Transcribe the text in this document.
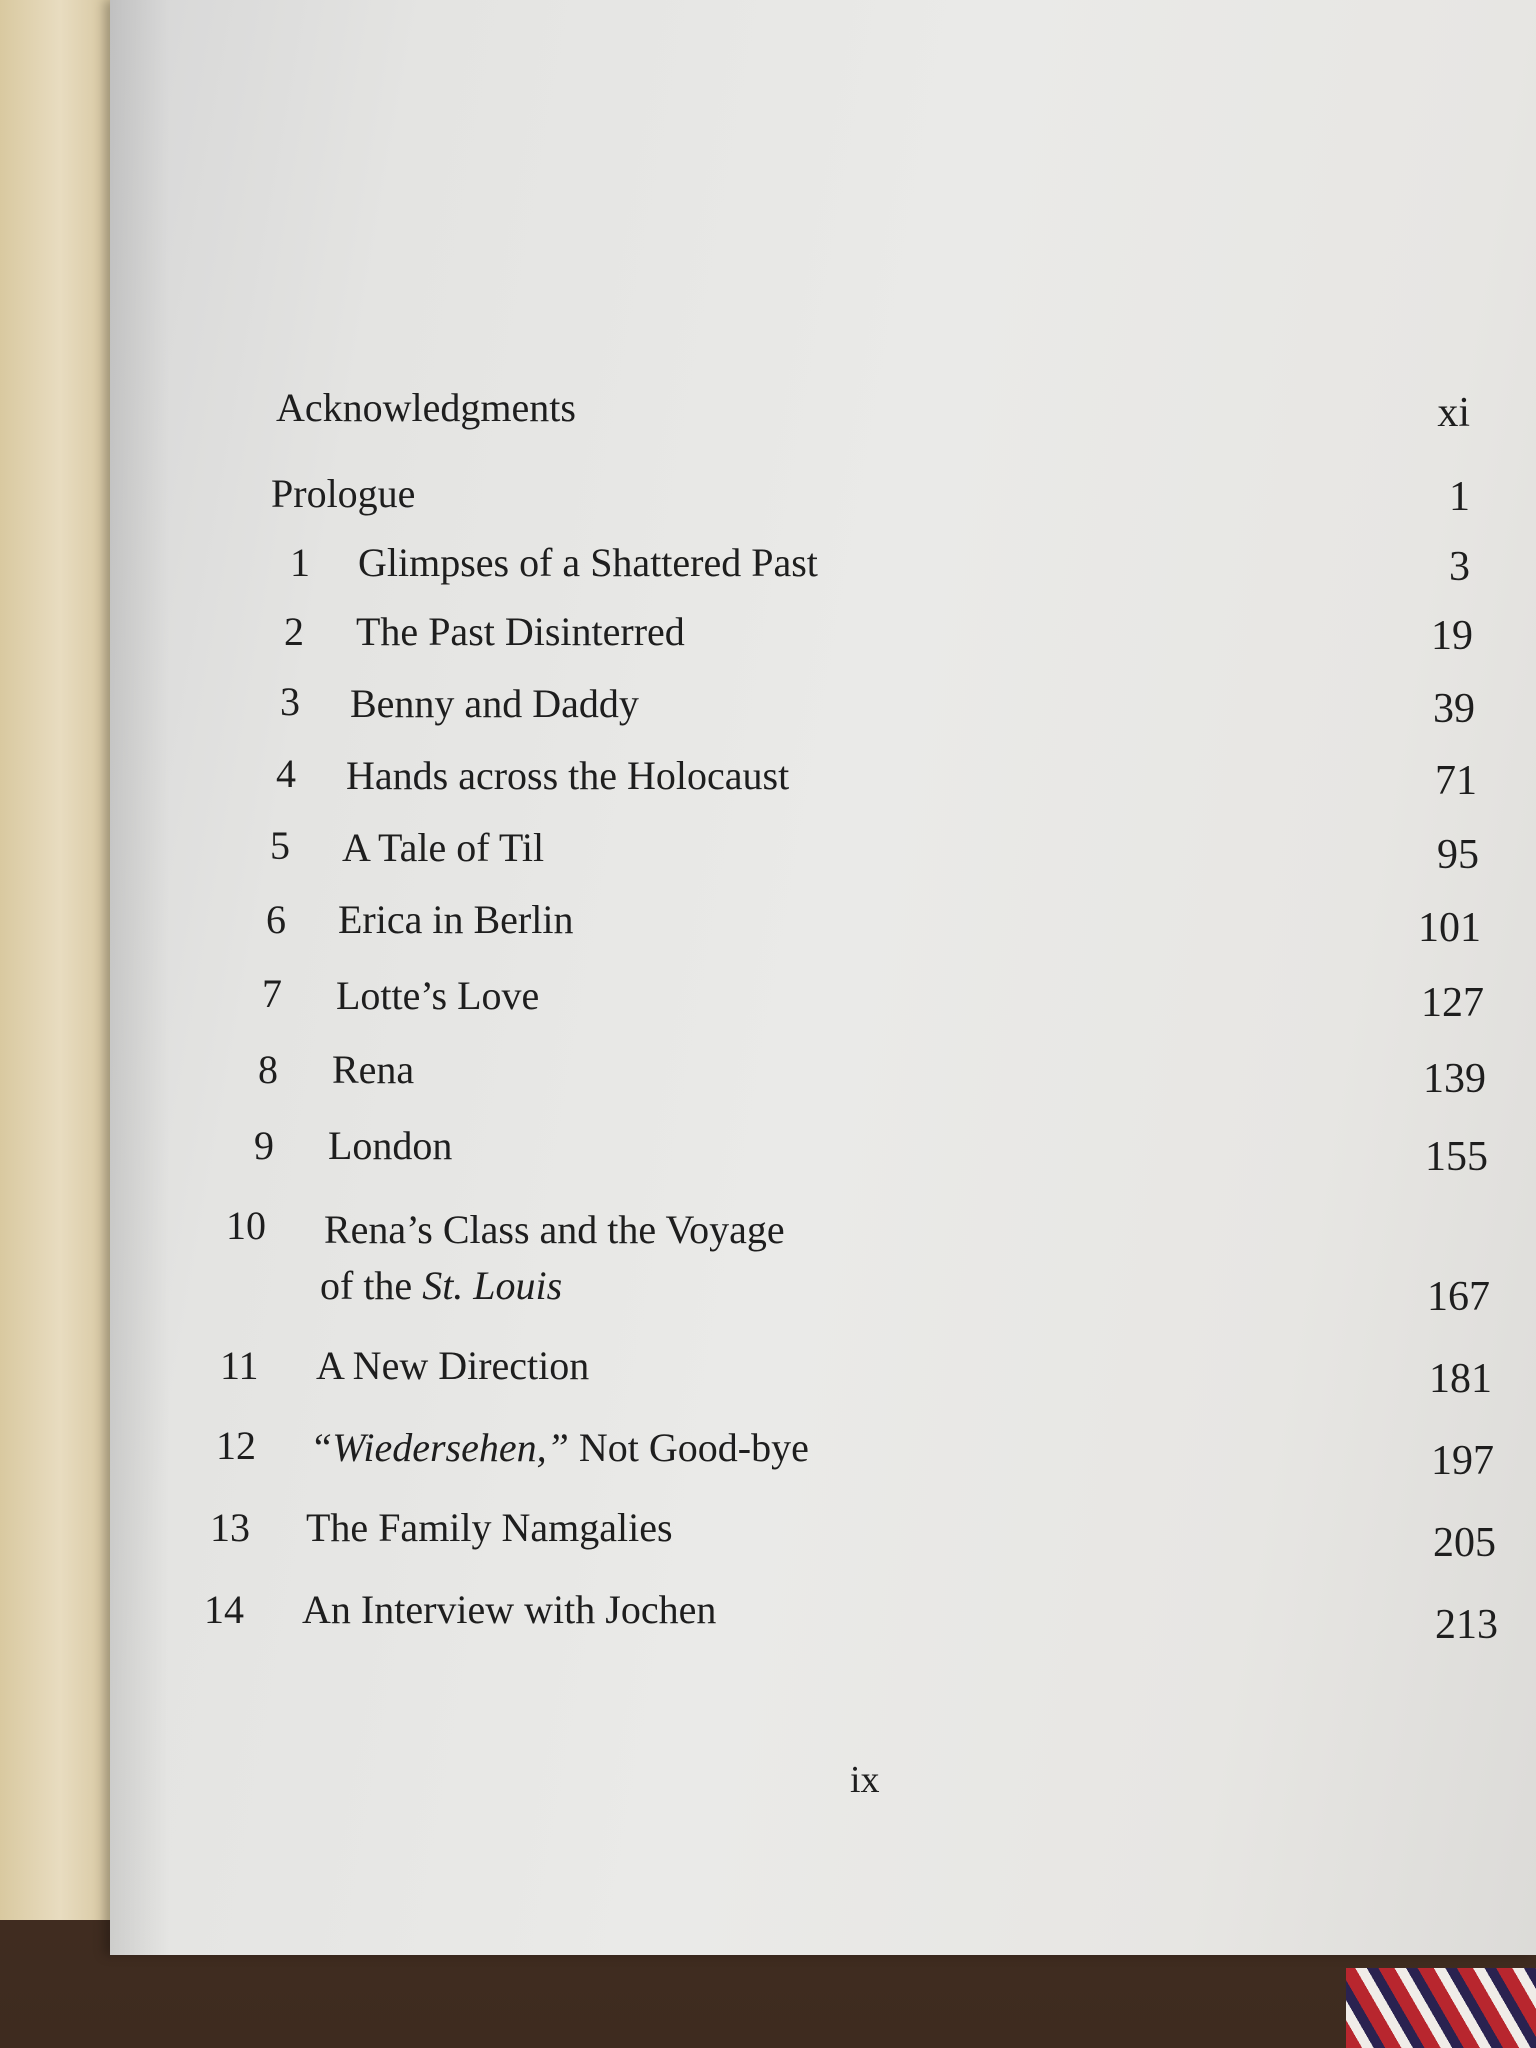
Acknowledgments	xi
Prologue	1
1 Glimpses of a Shattered Past	3
2 The Past Disinterred	19
3 Benny and Daddy	39
4 Hands across the Holocaust	71
5 A Tale of Til	95
6 Erica in Berlin	101
7 Lotte’s Love	127
8 Rena	139
9 London	155
10 Rena’s Class and the Voyage
of the St. Louis	167
11 A New Direction	181
12 “Wiedersehen,” Not Good-bye	197
13 The Family Namgalies	205
14 An Interview with Jochen	213
ix
